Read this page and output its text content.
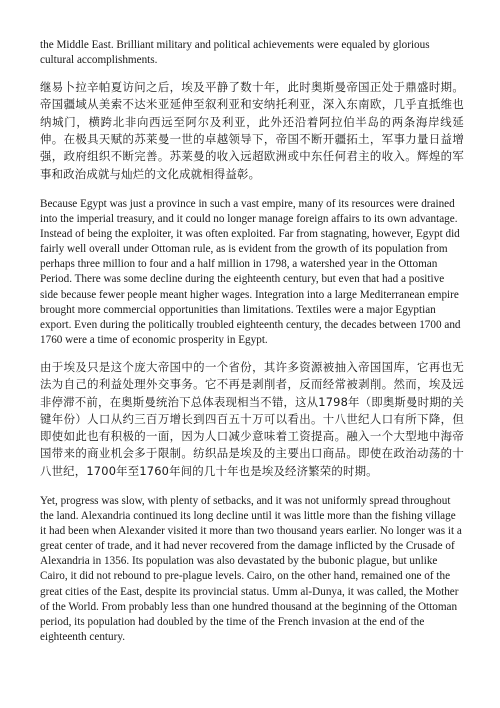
the Middle East. Brilliant military and political achievements were equaled by glorious cultural accomplishments.

继易卜拉辛帕夏访问之后，埃及平静了数十年，此时奥斯曼帝国正处于鼎盛时期。帝国疆域从美索不达米亚延伸至叙利亚和安纳托利亚，深入东南欧，几乎直抵维也纳城门，横跨北非向西远至阿尔及利亚，此外还沿着阿拉伯半岛的两条海岸线延伸。在极具天赋的苏莱曼一世的卓越领导下，帝国不断开疆拓土，军事力量日益增强，政府组织不断完善。苏莱曼的收入远超欧洲或中东任何君主的收入。辉煌的军事和政治成就与灿烂的文化成就相得益彰。

Because Egypt was just a province in such a vast empire, many of its resources were drained into the imperial treasury, and it could no longer manage foreign affairs to its own advantage. Instead of being the exploiter, it was often exploited. Far from stagnating, however, Egypt did fairly well overall under Ottoman rule, as is evident from the growth of its population from perhaps three million to four and a half million in 1798, a watershed year in the Ottoman Period. There was some decline during the eighteenth century, but even that had a positive side because fewer people meant higher wages. Integration into a large Mediterranean empire brought more commercial opportunities than limitations. Textiles were a major Egyptian export. Even during the politically troubled eighteenth century, the decades between 1700 and 1760 were a time of economic prosperity in Egypt.

由于埃及只是这个庞大帝国中的一个省份，其许多资源被抽入帝国国库，它再也无法为自己的利益处理外交事务。它不再是剥削者，反而经常被剥削。然而，埃及远非停滞不前，在奥斯曼统治下总体表现相当不错，这从1798年（即奥斯曼时期的关键年份）人口从约三百万增长到四百五十万可以看出。十八世纪人口有所下降，但即使如此也有积极的一面，因为人口减少意味着工资提高。融入一个大型地中海帝国带来的商业机会多于限制。纺织品是埃及的主要出口商品。即使在政治动荡的十八世纪，1700年至1760年间的几十年也是埃及经济繁荣的时期。

Yet, progress was slow, with plenty of setbacks, and it was not uniformly spread throughout the land. Alexandria continued its long decline until it was little more than the fishing village it had been when Alexander visited it more than two thousand years earlier. No longer was it a great center of trade, and it had never recovered from the damage inflicted by the Crusade of Alexandria in 1356. Its population was also devastated by the bubonic plague, but unlike Cairo, it did not rebound to pre-plague levels. Cairo, on the other hand, remained one of the great cities of the East, despite its provincial status. Umm al-Dunya, it was called, the Mother of the World. From probably less than one hundred thousand at the beginning of the Ottoman period, its population had doubled by the time of the French invasion at the end of the eighteenth century.
